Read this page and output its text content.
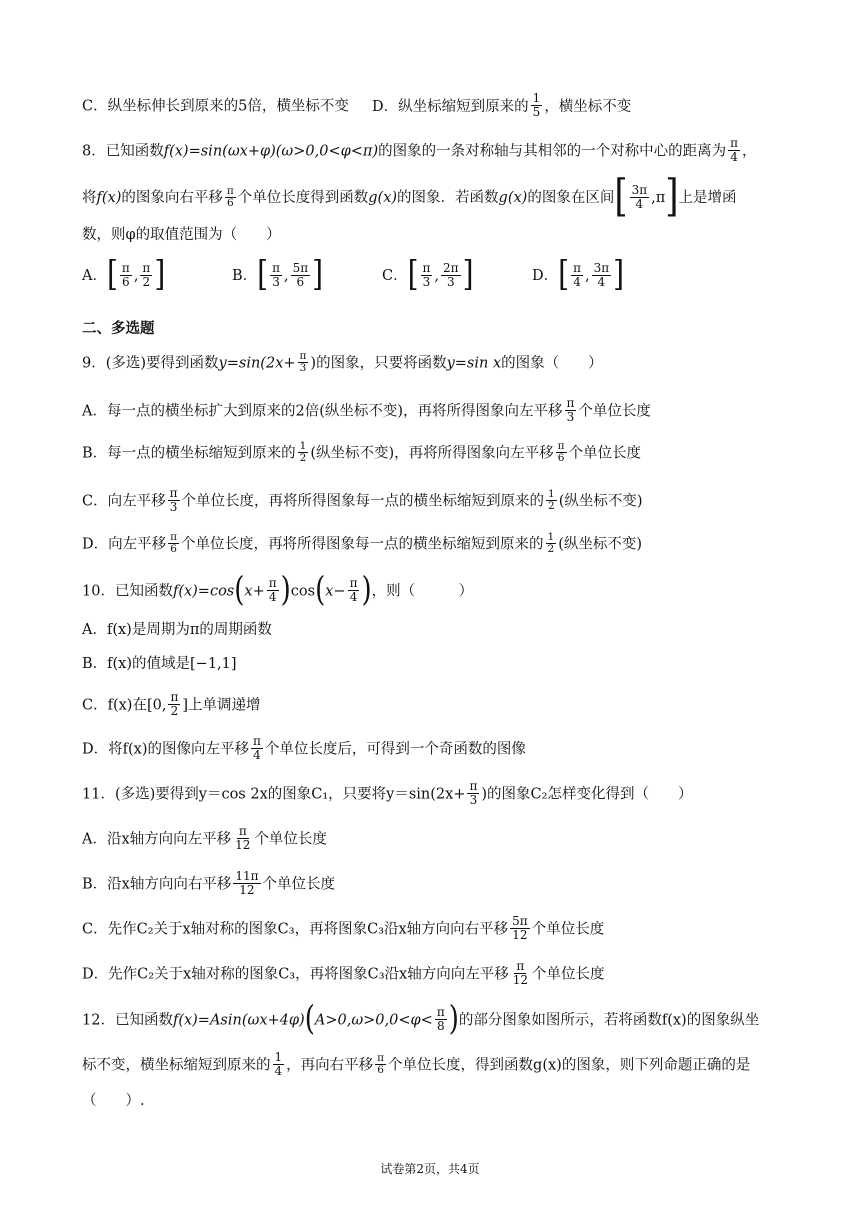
C．纵坐标伸长到原来的5倍，横坐标不变 D．纵坐标缩短到原来的 $\frac{1}{5}$ ，横坐标不变
8．已知函数f(x)=sin(ωx+φ)(ω>0,0<φ<π)的图象的一条对称轴与其相邻的一个对称中心的距离为 $\frac{\pi}{4}$ ，
将f(x)的图象向右平移 $\frac{\pi}{6}$ 个单位长度得到函数g(x)的图象．若函数g(x)的图象在区间[ $\frac{3\pi}{4} ,\pi$]上是增函
数，则φ的取值范围为（　　）
A．[ $\frac{\pi}{6}$ , $\frac{\pi}{2}$ ]	B．[ $\frac{\pi}{3}$ , $\frac{5\pi}{6}$ ]	C．[ $\frac{\pi}{3}$ , $\frac{2\pi}{3}$ ]	D．[ $\frac{\pi}{4}$ , $\frac{3\pi}{4}$ ]
二、多选题
9．(多选)要得到函数$y=\sin(2x+ \frac{\pi}{3}$ )的图象，只要将函数y=sin x的图象（　　）
A．每一点的横坐标扩大到原来的2倍(纵坐标不变)，再将所得图象向左平移 $\frac{\pi}{3}$ 个单位长度
B．每一点的横坐标缩短到原来的 $\frac{1}{2}$ (纵坐标不变)，再将所得图象向左平移 $\frac{\pi}{6}$ 个单位长度
C．向左平移 $\frac{\pi}{3}$ 个单位长度，再将所得图象每一点的横坐标缩短到原来的 $\frac{1}{2}$ (纵坐标不变)
D．向左平移 $\frac{\pi}{6}$ 个单位长度，再将所得图象每一点的横坐标缩短到原来的 $\frac{1}{2}$ (纵坐标不变)
10．已知函数$f(x)=\cos(x+ \frac{\pi}{4} )\cos(x- \frac{\pi}{4}$ )，则（　　　）
A．f(x)是周期为π的周期函数
B．f(x)的值域是[−1,1]
C．f(x)在[0, $\frac{\pi}{2}$ ]上单调递增
D．将f(x)的图像向左平移 $\frac{\pi}{4}$ 个单位长度后，可得到一个奇函数的图像
11．(多选)要得到y＝cos 2x的图象C₁，只要将$y=\sin(2x+ \frac{\pi}{3}$ )的图象C₂怎样变化得到（　　）
A．沿x轴方向向左平移 $\frac{\pi}{12}$ 个单位长度
B．沿x轴方向向右平移 $\frac{11\pi}{12}$ 个单位长度
C．先作C₂关于x轴对称的图象C₃，再将图象C₃沿x轴方向向右平移 $\frac{5\pi}{12}$ 个单位长度
D．先作C₂关于x轴对称的图象C₃，再将图象C₃沿x轴方向向左平移 $\frac{\pi}{12}$ 个单位长度
12．已知函数$f(x)=Asin(\omega x+4\varphi)(A>0,\omega>0,0<\varphi< \frac{\pi}{8}$ )的部分图象如图所示，若将函数f(x)的图象纵坐
标不变，横坐标缩短到原来的 $\frac{1}{4}$ ，再向右平移 $\frac{\pi}{6}$ 个单位长度，得到函数g(x)的图象，则下列命题正确的是
（　　）.
试卷第2页，共4页
